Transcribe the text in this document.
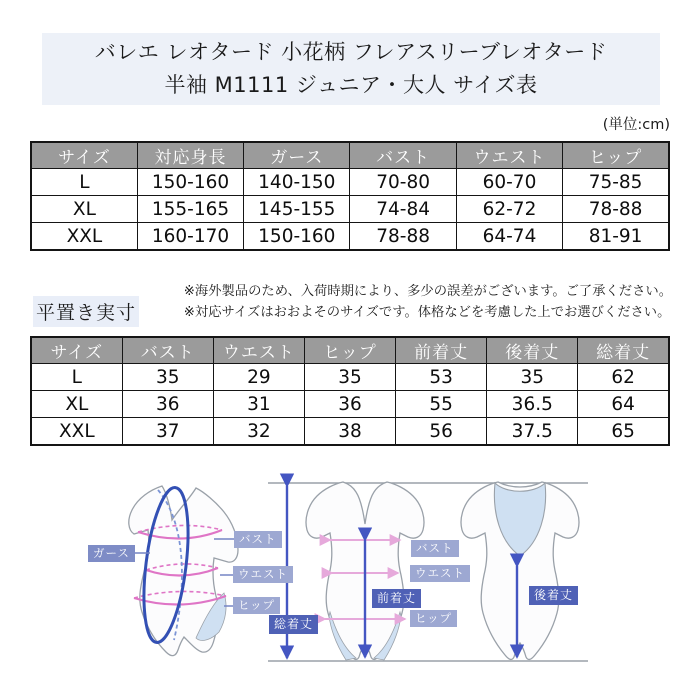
バレエ レオタード 小花柄 フレアスリーブレオタード
半袖 M1111 ジュニア・大人 サイズ表
(単位:cm)
サイズ	対応身長	ガース	バスト	ウエスト	ヒップ
L	150-160	140-150	70-80	60-70	75-85
XL	155-165	145-155	74-84	62-72	78-88
XXL	160-170	150-160	78-88	64-74	81-91
平置き実寸
※海外製品のため、入荷時期により、多少の誤差がございます。ご了承ください。
※対応サイズはおおよそのサイズです。体格などを考慮した上でお選びください。
サイズ	バスト	ウエスト	ヒップ	前着丈	後着丈	総着丈
L	35	29	35	53	35	62
XL	36	31	36	55	36.5	64
XXL	37	32	38	56	37.5	65
ガース
バスト
ウエスト
ヒップ
総着丈
バスト
ウエスト
前着丈
ヒップ
後着丈
